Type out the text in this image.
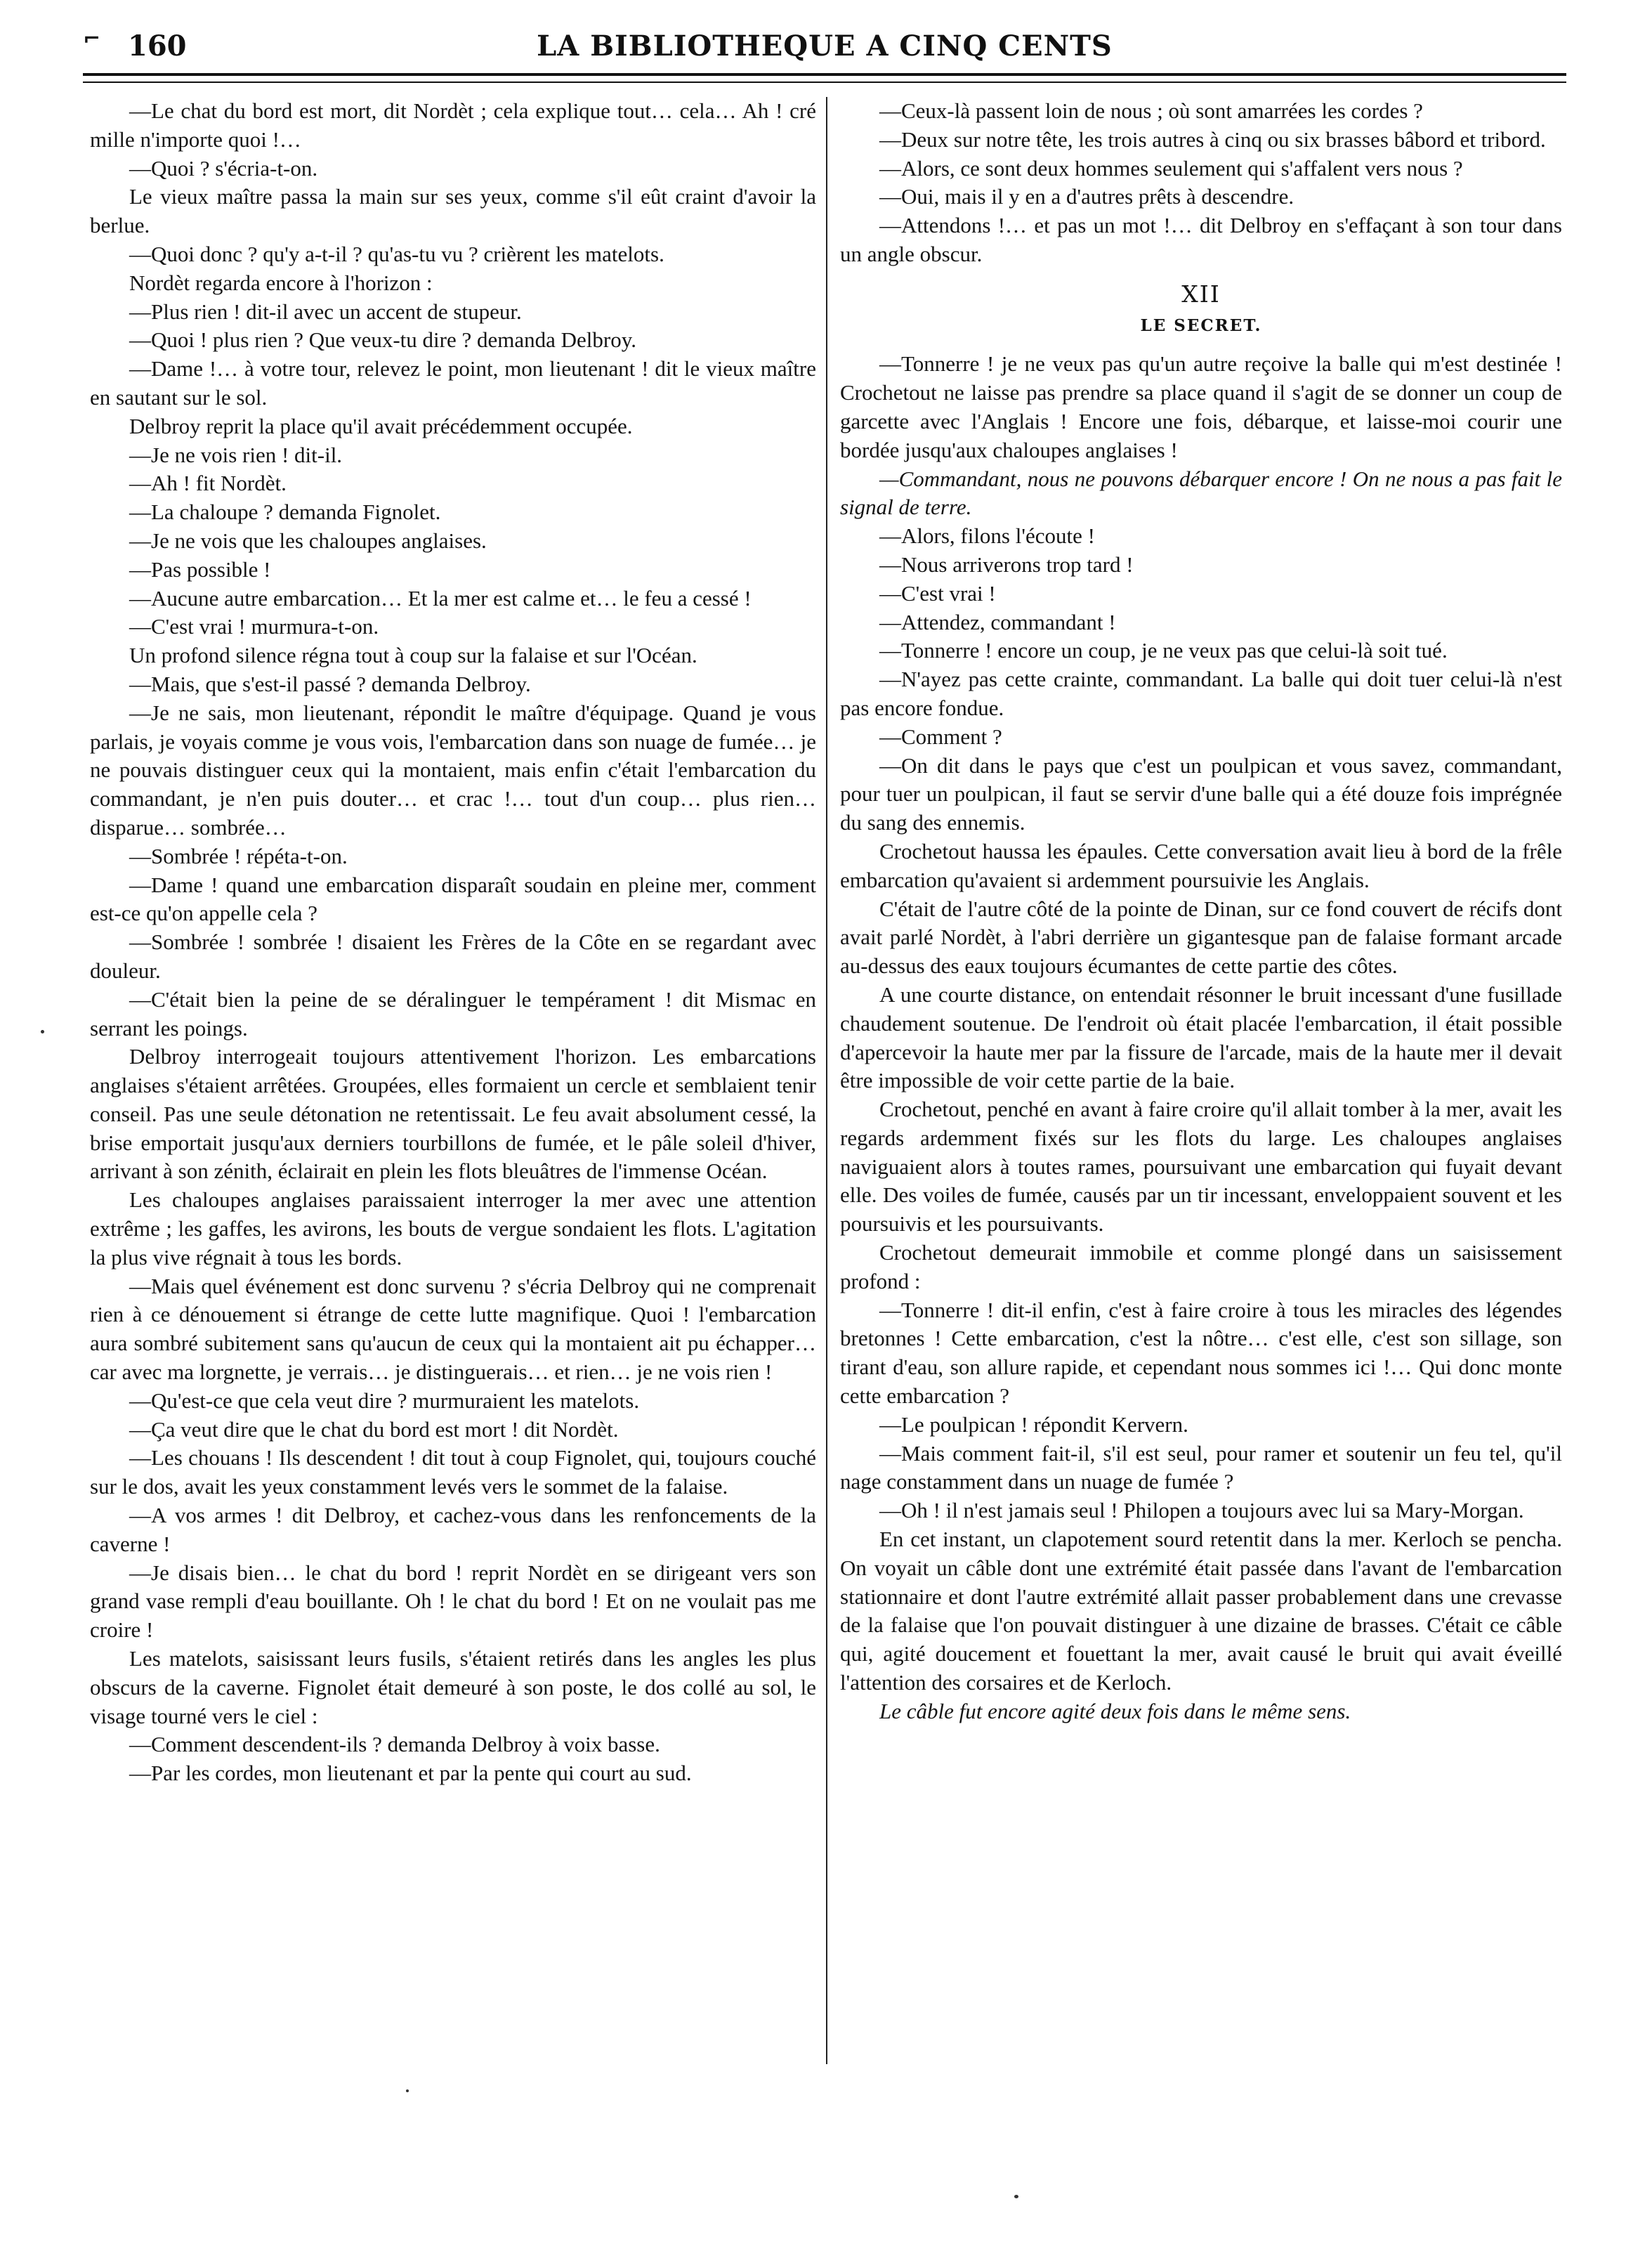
⌐ 160	LA BIBLIOTHEQUE A CINQ CENTS

—Le chat du bord est mort, dit Nordèt ; cela explique tout… cela… Ah ! cré mille n'importe quoi !…

—Quoi ? s'écria-t-on.

Le vieux maître passa la main sur ses yeux, comme s'il eût craint d'avoir la berlue.

—Quoi donc ? qu'y a-t-il ? qu'as-tu vu ? crièrent les matelots.

Nordèt regarda encore à l'horizon :

—Plus rien ! dit-il avec un accent de stupeur.

—Quoi ! plus rien ? Que veux-tu dire ? demanda Delbroy.

—Dame !… à votre tour, relevez le point, mon lieutenant ! dit le vieux maître en sautant sur le sol.

Delbroy reprit la place qu'il avait précédemment occupée.

—Je ne vois rien ! dit-il.

—Ah ! fit Nordèt.

—La chaloupe ? demanda Fignolet.

—Je ne vois que les chaloupes anglaises.

—Pas possible !

—Aucune autre embarcation… Et la mer est calme et… le feu a cessé !

—C'est vrai ! murmura-t-on.

Un profond silence régna tout à coup sur la falaise et sur l'Océan.

—Mais, que s'est-il passé ? demanda Delbroy.

—Je ne sais, mon lieutenant, répondit le maître d'équipage. Quand je vous parlais, je voyais comme je vous vois, l'embarcation dans son nuage de fumée… je ne pouvais distinguer ceux qui la montaient, mais enfin c'était l'embarcation du commandant, je n'en puis douter… et crac !… tout d'un coup… plus rien… disparue… sombrée…

—Sombrée ! répéta-t-on.

—Dame ! quand une embarcation disparaît soudain en pleine mer, comment est-ce qu'on appelle cela ?

—Sombrée ! sombrée ! disaient les Frères de la Côte en se regardant avec douleur.

—C'était bien la peine de se déralinguer le tempérament ! dit Mismac en serrant les poings.

Delbroy interrogeait toujours attentivement l'horizon. Les embarcations anglaises s'étaient arrêtées. Groupées, elles formaient un cercle et semblaient tenir conseil. Pas une seule détonation ne retentissait. Le feu avait absolument cessé, la brise emportait jusqu'aux derniers tourbillons de fumée, et le pâle soleil d'hiver, arrivant à son zénith, éclairait en plein les flots bleuâtres de l'immense Océan.

Les chaloupes anglaises paraissaient interroger la mer avec une attention extrême ; les gaffes, les avirons, les bouts de vergue sondaient les flots. L'agitation la plus vive régnait à tous les bords.

—Mais quel événement est donc survenu ? s'écria Delbroy qui ne comprenait rien à ce dénouement si étrange de cette lutte magnifique. Quoi ! l'embarcation aura sombré subitement sans qu'aucun de ceux qui la montaient ait pu échapper… car avec ma lorgnette, je verrais… je distinguerais… et rien… je ne vois rien !

—Qu'est-ce que cela veut dire ? murmuraient les matelots.

—Ça veut dire que le chat du bord est mort ! dit Nordèt.

—Les chouans ! Ils descendent ! dit tout à coup Fignolet, qui, toujours couché sur le dos, avait les yeux constamment levés vers le sommet de la falaise.

—A vos armes ! dit Delbroy, et cachez-vous dans les renfoncements de la caverne !

—Je disais bien… le chat du bord ! reprit Nordèt en se dirigeant vers son grand vase rempli d'eau bouillante. Oh ! le chat du bord ! Et on ne voulait pas me croire !

Les matelots, saisissant leurs fusils, s'étaient retirés dans les angles les plus obscurs de la caverne. Fignolet était demeuré à son poste, le dos collé au sol, le visage tourné vers le ciel :

—Comment descendent-ils ? demanda Delbroy à voix basse.

—Par les cordes, mon lieutenant et par la pente qui court au sud.

—Ceux-là passent loin de nous ; où sont amarrées les cordes ?

—Deux sur notre tête, les trois autres à cinq ou six brasses bâbord et tribord.

—Alors, ce sont deux hommes seulement qui s'affalent vers nous ?

—Oui, mais il y en a d'autres prêts à descendre.

—Attendons !… et pas un mot !… dit Delbroy en s'effaçant à son tour dans un angle obscur.

XII
LE SECRET.

—Tonnerre ! je ne veux pas qu'un autre reçoive la balle qui m'est destinée ! Crochetout ne laisse pas prendre sa place quand il s'agit de se donner un coup de garcette avec l'Anglais ! Encore une fois, débarque, et laisse-moi courir une bordée jusqu'aux chaloupes anglaises !

—Commandant, nous ne pouvons débarquer encore ! On ne nous a pas fait le signal de terre.

—Alors, filons l'écoute !

—Nous arriverons trop tard !

—C'est vrai !

—Attendez, commandant !

—Tonnerre ! encore un coup, je ne veux pas que celui-là soit tué.

—N'ayez pas cette crainte, commandant. La balle qui doit tuer celui-là n'est pas encore fondue.

—Comment ?

—On dit dans le pays que c'est un poulpican et vous savez, commandant, pour tuer un poulpican, il faut se servir d'une balle qui a été douze fois imprégnée du sang des ennemis.

Crochetout haussa les épaules. Cette conversation avait lieu à bord de la frêle embarcation qu'avaient si ardemment poursuivie les Anglais.

C'était de l'autre côté de la pointe de Dinan, sur ce fond couvert de récifs dont avait parlé Nordèt, à l'abri derrière un gigantesque pan de falaise formant arcade au-dessus des eaux toujours écumantes de cette partie des côtes.

A une courte distance, on entendait résonner le bruit incessant d'une fusillade chaudement soutenue. De l'endroit où était placée l'embarcation, il était possible d'apercevoir la haute mer par la fissure de l'arcade, mais de la haute mer il devait être impossible de voir cette partie de la baie.

Crochetout, penché en avant à faire croire qu'il allait tomber à la mer, avait les regards ardemment fixés sur les flots du large. Les chaloupes anglaises naviguaient alors à toutes rames, poursuivant une embarcation qui fuyait devant elle. Des voiles de fumée, causés par un tir incessant, enveloppaient souvent et les poursuivis et les poursuivants.

Crochetout demeurait immobile et comme plongé dans un saisissement profond :

—Tonnerre ! dit-il enfin, c'est à faire croire à tous les miracles des légendes bretonnes ! Cette embarcation, c'est la nôtre… c'est elle, c'est son sillage, son tirant d'eau, son allure rapide, et cependant nous sommes ici !… Qui donc monte cette embarcation ?

—Le poulpican ! répondit Kervern.

—Mais comment fait-il, s'il est seul, pour ramer et soutenir un feu tel, qu'il nage constamment dans un nuage de fumée ?

—Oh ! il n'est jamais seul ! Philopen a toujours avec lui sa Mary-Morgan.

En cet instant, un clapotement sourd retentit dans la mer. Kerloch se pencha. On voyait un câble dont une extrémité était passée dans l'avant de l'embarcation stationnaire et dont l'autre extrémité allait passer probablement dans une crevasse de la falaise que l'on pouvait distinguer à une dizaine de brasses. C'était ce câble qui, agité doucement et fouettant la mer, avait causé le bruit qui avait éveillé l'attention des corsaires et de Kerloch.

Le câble fut encore agité deux fois dans le même sens.
